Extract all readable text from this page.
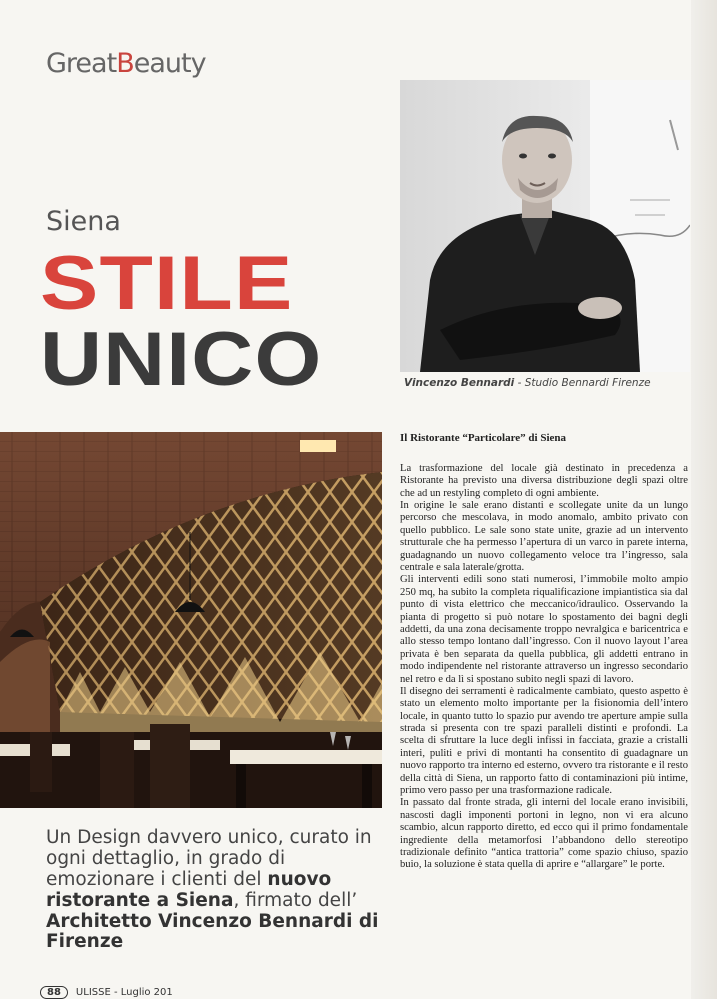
GreatBeauty
Siena
STILE
UNICO	Vincenzo Bennardi - Studio Bennardi Firenze
Il Ristorante “Particolare” di Siena

La trasformazione del locale già destinato in precedenza a Ristorante ha previsto una diversa distribuzione degli spazi oltre che ad un restyling completo di ogni ambiente.

In origine le sale erano distanti e scollegate unite da un lungo percorso che mescolava, in modo anomalo, ambito privato con quello pubblico. Le sale sono state unite, grazie ad un intervento strutturale che ha permesso l’apertura di un varco in parete interna, guadagnando un nuovo collegamento veloce tra l’ingresso, sala centrale e sala laterale/grotta.

Gli interventi edili sono stati numerosi, l’immobile molto ampio 250 mq, ha subito la completa riqualificazione impiantistica sia dal punto di vista elettrico che meccanico/idraulico. Osservando la pianta di progetto si può notare lo spostamento dei bagni degli addetti, da una zona decisamente troppo nevralgica e baricentrica e allo stesso tempo lontano dall’ingresso. Con il nuovo layout l’area privata è ben separata da quella pubblica, gli addetti entrano in modo indipendente nel ristorante attraverso un ingresso secondario nel retro e da lì si spostano subito negli spazi di lavoro.

Il disegno dei serramenti è radicalmente cambiato, questo aspetto è stato un elemento molto importante per la fisionomia dell’intero locale, in quanto tutto lo spazio pur avendo tre aperture ampie sulla strada si presenta con tre spazi paralleli distinti e profondi. La scelta di sfruttare la luce degli infissi in facciata, grazie a cristalli interi, puliti e privi di montanti ha consentito di guadagnare un nuovo rapporto tra interno ed esterno, ovvero tra ristorante e il resto della città di Siena, un rapporto fatto di contaminazioni più intime, primo vero passo per una trasformazione radicale.

In passato dal fronte strada, gli interni del locale erano invisibili, nascosti dagli imponenti portoni in legno, non vi era alcuno scambio, alcun rapporto diretto, ed ecco qui il primo fondamentale ingrediente della metamorfosi l’abbandono dello stereotipo tradizionale definito “antica trattoria” come spazio chiuso, spazio buio, la soluzione è stata quella di aprire e “allargare” le porte.

Un Design davvero unico, curato in ogni dettaglio, in grado di emozionare i clienti del nuovo ristorante a Siena, firmato dell’ Architetto Vincenzo Bennardi di Firenze
88 ULISSE - Luglio 201
